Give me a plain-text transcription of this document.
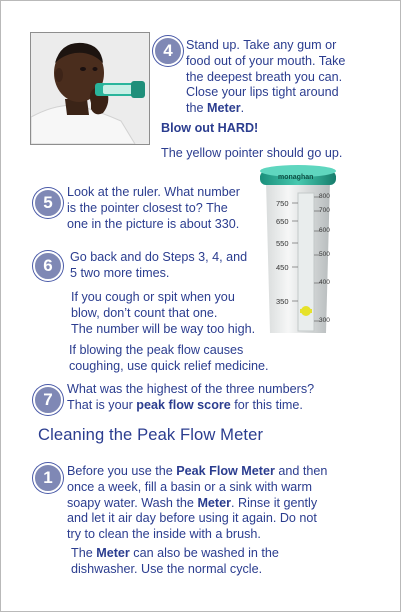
4	Stand up. Take any gum or
food out of your mouth. Take
the deepest breath you can.
Close your lips tight around
the Meter.
Blow out HARD!
The yellow pointer should go up.
monaghan
750
650
550
450
350
800
700
600
500
400
300
5
Look at the ruler. What number
is the pointer closest to? The
one in the picture is about 330.
6	Go back and do Steps 3, 4, and
5 two more times.
If you cough or spit when you
blow, don’t count that one.
The number will be way too high.
If blowing the peak flow causes
coughing, use quick relief medicine.
7
What was the highest of the three numbers?
That is your peak flow score for this time.
Cleaning the Peak Flow Meter
1	Before you use the Peak Flow Meter and then
once a week, fill a basin or a sink with warm
soapy water. Wash the Meter. Rinse it gently
and let it air day before using it again. Do not
try to clean the inside with a brush.
The Meter can also be washed in the
dishwasher. Use the normal cycle.
